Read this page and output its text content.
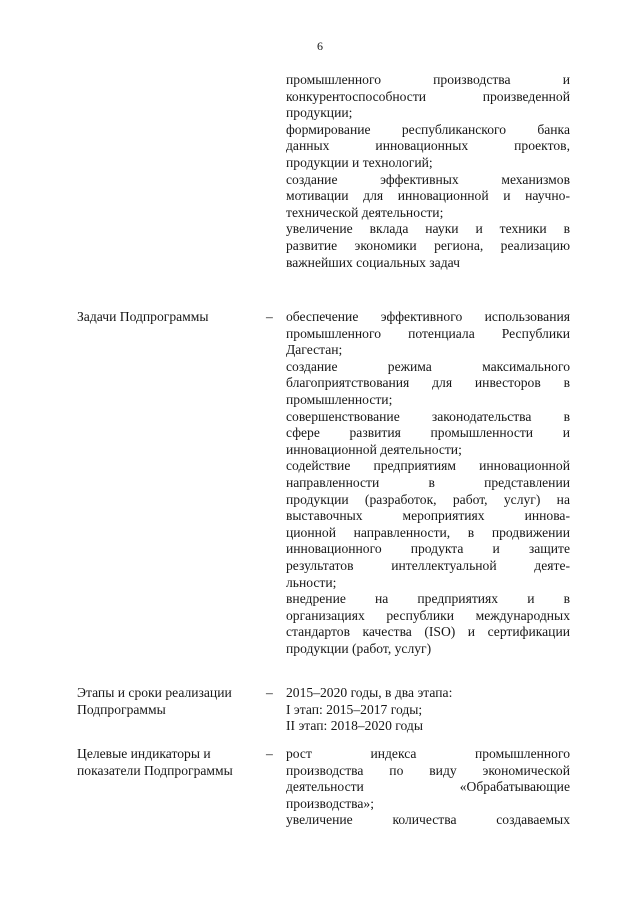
6

промышленного производства и

конкурентоспособности произведенной

продукции;

формирование республиканского банка

данных инновационных проектов,

продукции и технологий;

создание эффективных механизмов

мотивации для инновационной и научно-

технической деятельности;

увеличение вклада науки и техники в

развитие экономики региона, реализацию

важнейших социальных задач

Задачи Подпрограммы	– обеспечение эффективного использования

промышленного потенциала Республики

Дагестан;

создание режима максимального

благоприятствования для инвесторов в

промышленности;

совершенствование законодательства в

сфере развития промышленности и

инновационной деятельности;

содействие предприятиям инновационной

направленности в представлении

продукции (разработок, работ, услуг) на

выставочных мероприятиях иннова-

ционной направленности, в продвижении

инновационного продукта и защите

результатов интеллектуальной деяте-

льности;

внедрение на предприятиях и в

организациях республики международных

стандартов качества (ISO) и сертификации

продукции (работ, услуг)

Этапы и сроки реализации Подпрограммы
– 2015–2020 годы, в два этапа:

I этап: 2015–2017 годы;

II этап: 2018–2020 годы

Целевые индикаторы и показатели Подпрограммы
– рост индекса промышленного

производства по виду экономической

деятельности «Обрабатывающие

производства»;

увеличение количества создаваемых
